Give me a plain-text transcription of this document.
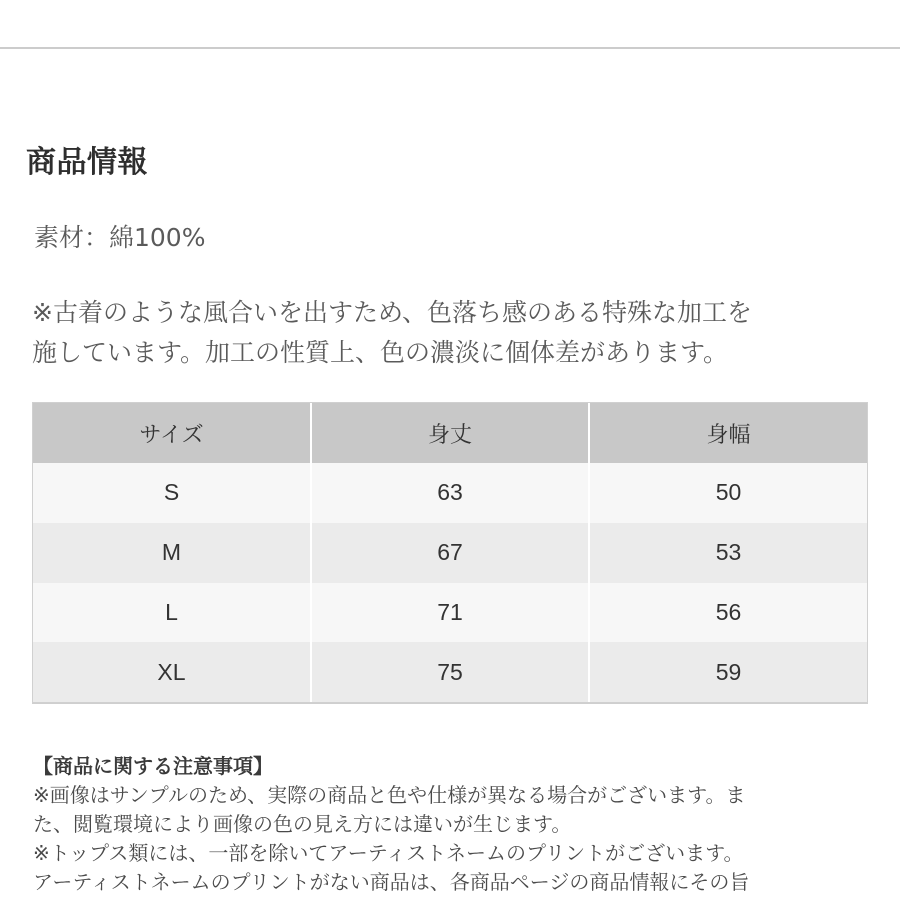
商品情報
素材：綿100%
※古着のような風合いを出すため、色落ち感のある特殊な加工を
施しています。加工の性質上、色の濃淡に個体差があります。
サイズ	身丈	身幅
S	63	50
M	67	53
L	71	56
XL	75	59
【商品に関する注意事項】
※画像はサンプルのため、実際の商品と色や仕様が異なる場合がございます。ま
た、閲覧環境により画像の色の見え方には違いが生じます。
※トップス類には、一部を除いてアーティストネームのプリントがございます。
アーティストネームのプリントがない商品は、各商品ページの商品情報にその旨
